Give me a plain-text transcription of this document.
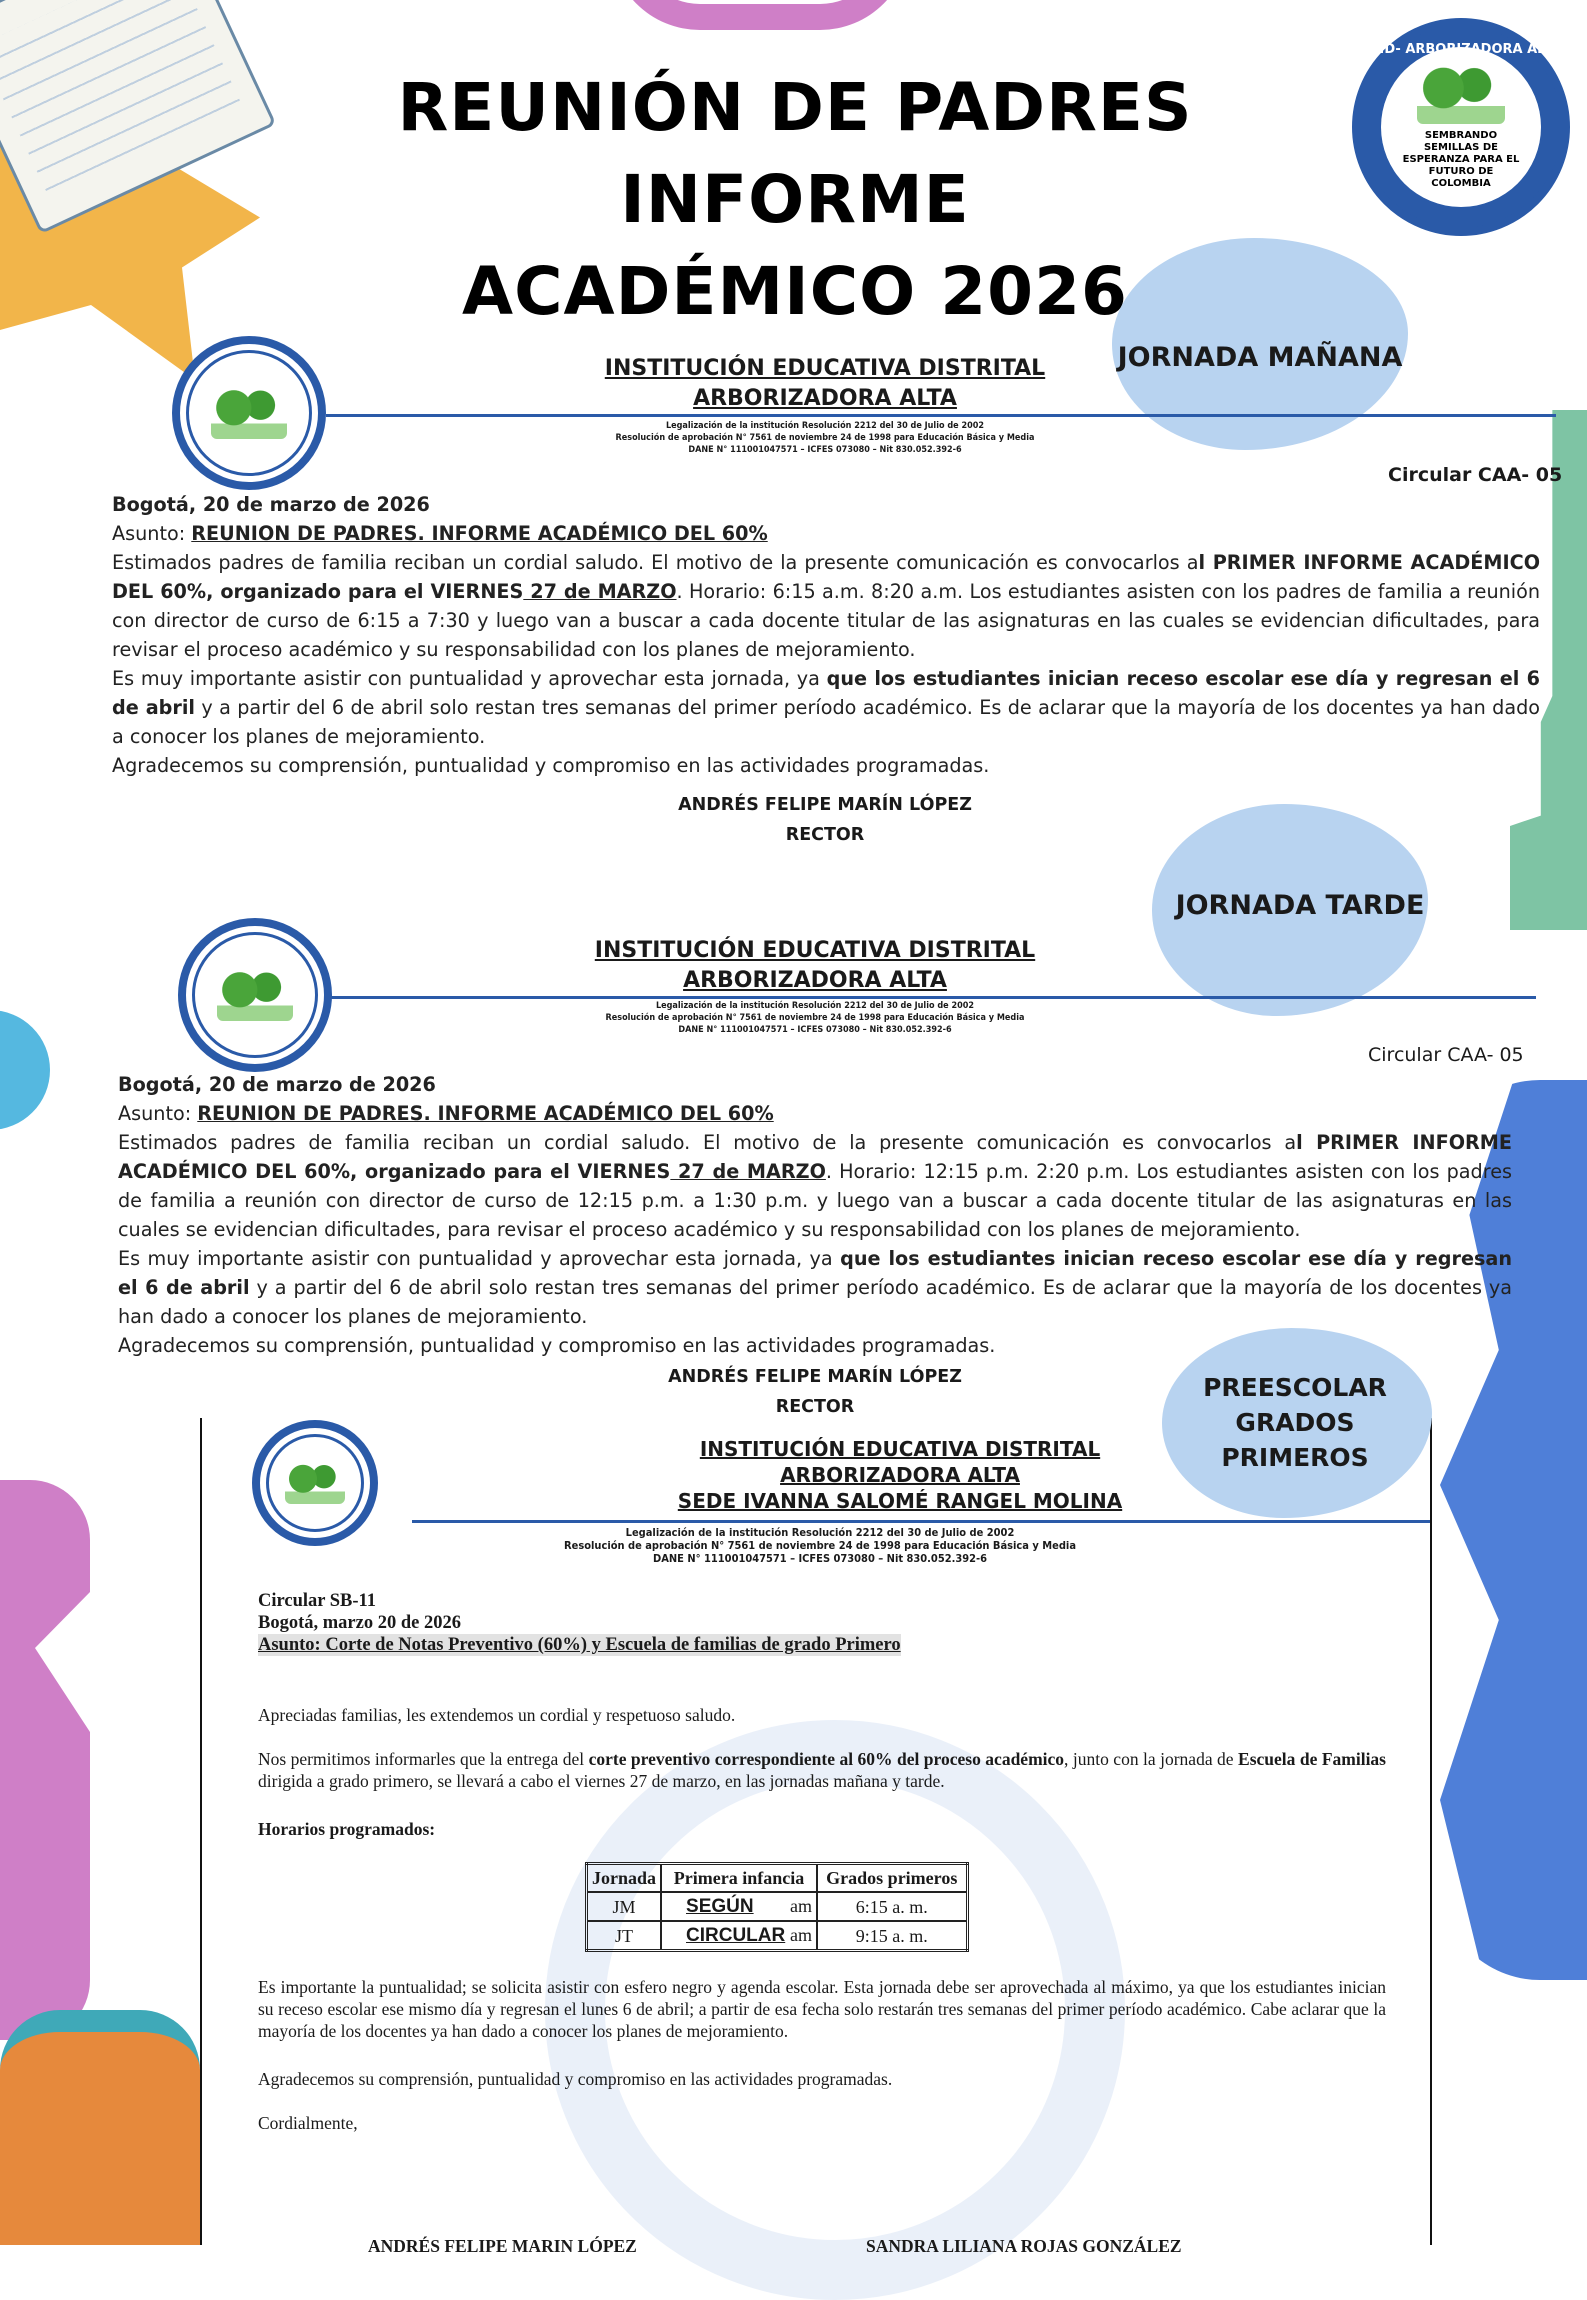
REUNIÓN DE PADRES INFORME
ACADÉMICO 2026
I.E.D- ARBORIZADORA ALTA
SEMBRANDO SEMILLAS DE ESPERANZA PARA EL FUTURO DE COLOMBIA
JORNADA MAÑANA
INSTITUCIÓN EDUCATIVA DISTRITAL
ARBORIZADORA ALTA
Legalización de la institución Resolución 2212 del 30 de Julio de 2002
Resolución de aprobación N° 7561 de noviembre 24 de 1998 para Educación Básica y Media
DANE N° 111001047571 – ICFES 073080 – Nit 830.052.392-6
Circular CAA- 05

Bogotá, 20 de marzo de 2026

Asunto: REUNION DE PADRES. INFORME ACADÉMICO DEL 60%

Estimados padres de familia reciban un cordial saludo. El motivo de la presente comunicación es convocarlos al PRIMER INFORME ACADÉMICO DEL 60%, organizado para el VIERNES 27 de MARZO. Horario: 6:15 a.m. 8:20 a.m. Los estudiantes asisten con los padres de familia a reunión con director de curso de 6:15 a 7:30 y luego van a buscar a cada docente titular de las asignaturas en las cuales se evidencian dificultades, para revisar el proceso académico y su responsabilidad con los planes de mejoramiento.

Es muy importante asistir con puntualidad y aprovechar esta jornada, ya que los estudiantes inician receso escolar ese día y regresan el 6 de abril y a partir del 6 de abril solo restan tres semanas del primer período académico. Es de aclarar que la mayoría de los docentes ya han dado a conocer los planes de mejoramiento.

Agradecemos su comprensión, puntualidad y compromiso en las actividades programadas.

ANDRÉS FELIPE MARÍN LÓPEZ
RECTOR
JORNADA TARDE
INSTITUCIÓN EDUCATIVA DISTRITAL
ARBORIZADORA ALTA
Legalización de la institución Resolución 2212 del 30 de Julio de 2002
Resolución de aprobación N° 7561 de noviembre 24 de 1998 para Educación Básica y Media
DANE N° 111001047571 – ICFES 073080 – Nit 830.052.392-6
Circular CAA- 05

Bogotá, 20 de marzo de 2026

Asunto: REUNION DE PADRES. INFORME ACADÉMICO DEL 60%

Estimados padres de familia reciban un cordial saludo. El motivo de la presente comunicación es convocarlos al PRIMER INFORME ACADÉMICO DEL 60%, organizado para el VIERNES 27 de MARZO. Horario: 12:15 p.m. 2:20 p.m. Los estudiantes asisten con los padres de familia a reunión con director de curso de 12:15 p.m. a 1:30 p.m. y luego van a buscar a cada docente titular de las asignaturas en las cuales se evidencian dificultades, para revisar el proceso académico y su responsabilidad con los planes de mejoramiento.

Es muy importante asistir con puntualidad y aprovechar esta jornada, ya que los estudiantes inician receso escolar ese día y regresan el 6 de abril y a partir del 6 de abril solo restan tres semanas del primer período académico. Es de aclarar que la mayoría de los docentes ya han dado a conocer los planes de mejoramiento.

Agradecemos su comprensión, puntualidad y compromiso en las actividades programadas.

ANDRÉS FELIPE MARÍN LÓPEZ
RECTOR
PREESCOLAR
GRADOS
PRIMEROS
INSTITUCIÓN EDUCATIVA DISTRITAL
ARBORIZADORA ALTA
SEDE IVANNA SALOMÉ RANGEL MOLINA
Legalización de la institución Resolución 2212 del 30 de Julio de 2002
Resolución de aprobación N° 7561 de noviembre 24 de 1998 para Educación Básica y Media
DANE N° 111001047571 – ICFES 073080 – Nit 830.052.392-6
Circular SB-11
Bogotá, marzo 20 de 2026
Asunto: Corte de Notas Preventivo (60%) y Escuela de familias de grado Primero
Apreciadas familias, les extendemos un cordial y respetuoso saludo.
Nos permitimos informarles que la entrega del corte preventivo correspondiente al 60% del proceso académico, junto con la jornada de Escuela de Familias dirigida a grado primero, se llevará a cabo el viernes 27 de marzo, en las jornadas mañana y tarde.
Horarios programados:
Jornada	Primera infancia	Grados primeros
JM	SEGÚN am	6:15 a. m.
JT	CIRCULAR am	9:15 a. m.
Es importante la puntualidad; se solicita asistir con esfero negro y agenda escolar. Esta jornada debe ser aprovechada al máximo, ya que los estudiantes inician su receso escolar ese mismo día y regresan el lunes 6 de abril; a partir de esa fecha solo restarán tres semanas del primer período académico. Cabe aclarar que la mayoría de los docentes ya han dado a conocer los planes de mejoramiento.
Agradecemos su comprensión, puntualidad y compromiso en las actividades programadas.
Cordialmente,
ANDRÉS FELIPE MARIN LÓPEZ	SANDRA LILIANA ROJAS GONZÁLEZ
